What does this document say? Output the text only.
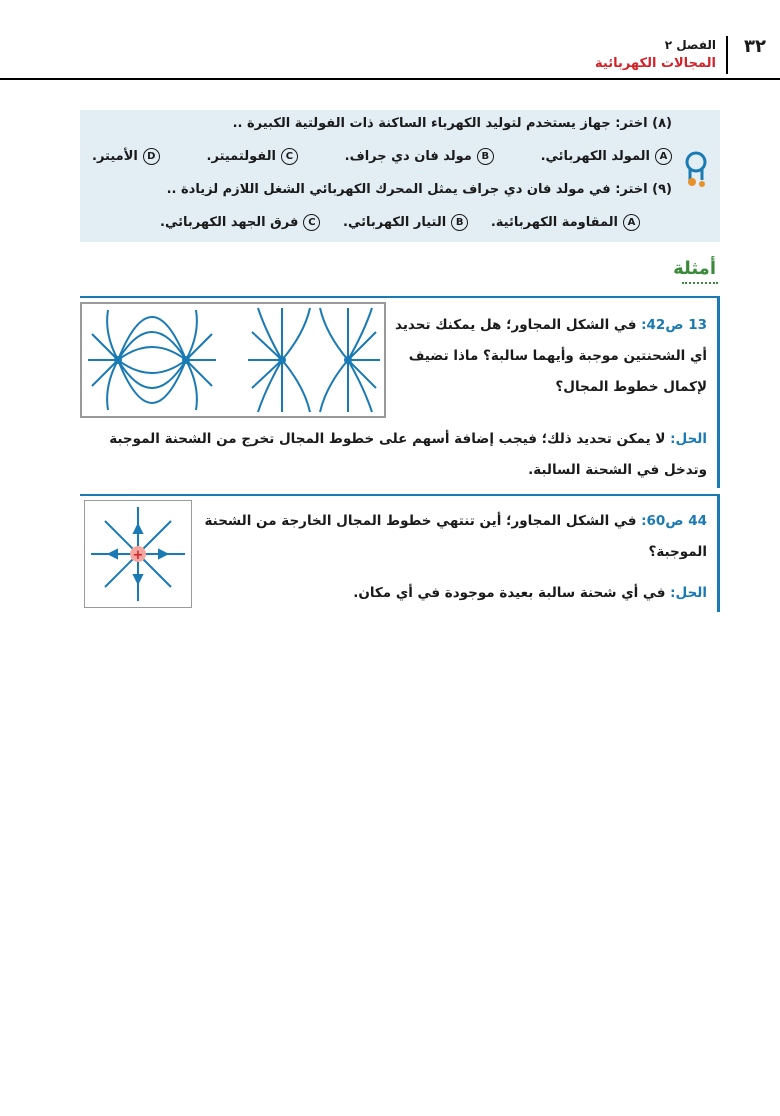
٣٢
الفصل ٢
المجالات الكهربائية
(٨) اختر: جهاز يستخدم لتوليد الكهرباء الساكنة ذات الفولتية الكبيرة ..
A
المولد الكهربائي.
B
مولد فان دي جراف.
C
الفولتميتر.
D
الأميتر.
(٩) اختر: في مولد فان دي جراف يمثل المحرك الكهربائي الشغل اللازم لزيادة ..
A
المقاومة الكهربائية.
B
التيار الكهربائي.
C
فرق الجهد الكهربائي.
أمثلة
13 ص42: في الشكل المجاور؛ هل يمكنك تحديد أي الشحنتين موجبة وأيهما سالبة؟ ماذا تضيف لإكمال خطوط المجال؟
الحل: لا يمكن تحديد ذلك؛ فيجب إضافة أسهم على خطوط المجال تخرج من الشحنة الموجبة وتدخل في الشحنة السالبة.
44 ص60: في الشكل المجاور؛ أين تنتهي خطوط المجال الخارجة من الشحنة الموجبة؟
الحل: في أي شحنة سالبة بعيدة موجودة في أي مكان.
+
